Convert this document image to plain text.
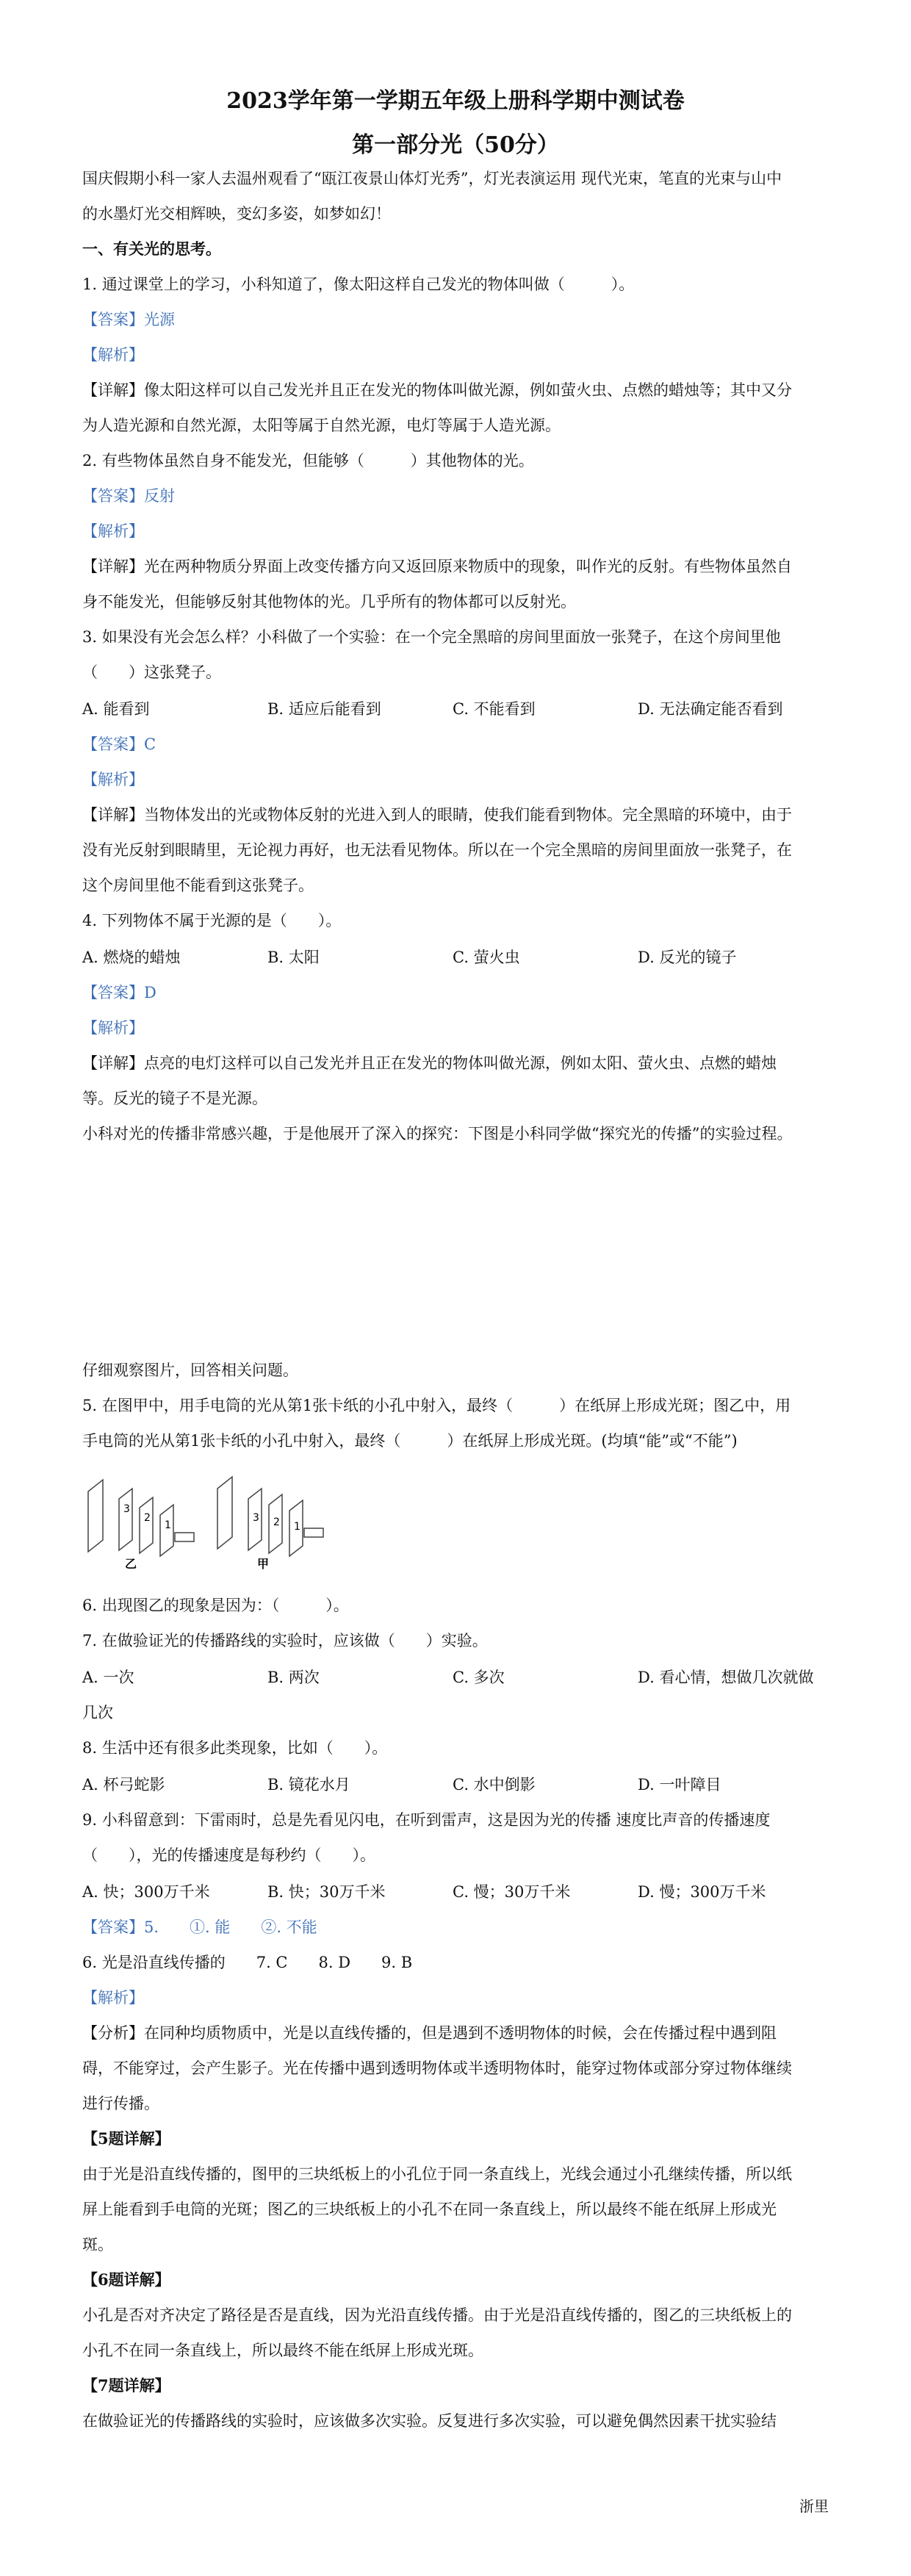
2023学年第一学期五年级上册科学期中测试卷
第一部分光（50分）
国庆假期小科一家人去温州观看了“瓯江夜景山体灯光秀”，灯光表演运用 现代光束，笔直的光束与山中
的水墨灯光交相辉映，变幻多姿，如梦如幻！
一、有关光的思考。
1. 通过课堂上的学习，小科知道了，像太阳这样自己发光的物体叫做（　　　）。
【答案】光源
【解析】
【详解】像太阳这样可以自己发光并且正在发光的物体叫做光源，例如萤火虫、点燃的蜡烛等；其中又分
为人造光源和自然光源，太阳等属于自然光源，电灯等属于人造光源。
2. 有些物体虽然自身不能发光，但能够（　　　）其他物体的光。
【答案】反射
【解析】
【详解】光在两种物质分界面上改变传播方向又返回原来物质中的现象，叫作光的反射。有些物体虽然自
身不能发光，但能够反射其他物体的光。几乎所有的物体都可以反射光。
3. 如果没有光会怎么样？小科做了一个实验：在一个完全黑暗的房间里面放一张凳子，在这个房间里他
（　　）这张凳子。
A. 能看到	B. 适应后能看到	C. 不能看到	D. 无法确定能否看到
【答案】C
【解析】
【详解】当物体发出的光或物体反射的光进入到人的眼睛，使我们能看到物体。完全黑暗的环境中，由于
没有光反射到眼睛里，无论视力再好，也无法看见物体。所以在一个完全黑暗的房间里面放一张凳子，在
这个房间里他不能看到这张凳子。
4. 下列物体不属于光源的是（　　）。
A. 燃烧的蜡烛	B. 太阳	C. 萤火虫	D. 反光的镜子
【答案】D
【解析】
【详解】点亮的电灯这样可以自己发光并且正在发光的物体叫做光源，例如太阳、萤火虫、点燃的蜡烛
等。反光的镜子不是光源。
小科对光的传播非常感兴趣，于是他展开了深入的探究：下图是小科同学做“探究光的传播”的实验过程。
仔细观察图片，回答相关问题。
5. 在图甲中，用手电筒的光从第1张卡纸的小孔中射入，最终（　　　）在纸屏上形成光斑；图乙中，用
手电筒的光从第1张卡纸的小孔中射入，最终（　　　）在纸屏上形成光斑。(均填“能”或“不能”)
3
2
1
乙
3 2 1
甲
6. 出现图乙的现象是因为：（　　　）。
7. 在做验证光的传播路线的实验时，应该做（　　）实验。
A. 一次	B. 两次	C. 多次	D. 看心情，想做几次就做
几次
8. 生活中还有很多此类现象，比如（　　）。
A. 杯弓蛇影	B. 镜花水月	C. 水中倒影	D. 一叶障目
9. 小科留意到：下雷雨时，总是先看见闪电，在听到雷声，这是因为光的传播 速度比声音的传播速度
（　　），光的传播速度是每秒约（　　）。
A. 快；300万千米	B. 快；30万千米	C. 慢；30万千米	D. 慢；300万千米
【答案】5.　　①. 能　　②. 不能
6. 光是沿直线传播的　　7. C　　8. D　　9. B
【解析】
【分析】在同种均质物质中，光是以直线传播的，但是遇到不透明物体的时候，会在传播过程中遇到阻
碍，不能穿过，会产生影子。光在传播中遇到透明物体或半透明物体时，能穿过物体或部分穿过物体继续
进行传播。
【5题详解】
由于光是沿直线传播的，图甲的三块纸板上的小孔位于同一条直线上，光线会通过小孔继续传播，所以纸
屏上能看到手电筒的光斑；图乙的三块纸板上的小孔不在同一条直线上，所以最终不能在纸屏上形成光
斑。
【6题详解】
小孔是否对齐决定了路径是否是直线，因为光沿直线传播。由于光是沿直线传播的，图乙的三块纸板上的
小孔不在同一条直线上，所以最终不能在纸屏上形成光斑。
【7题详解】
在做验证光的传播路线的实验时，应该做多次实验。反复进行多次实验，可以避免偶然因素干扰实验结
浙里
